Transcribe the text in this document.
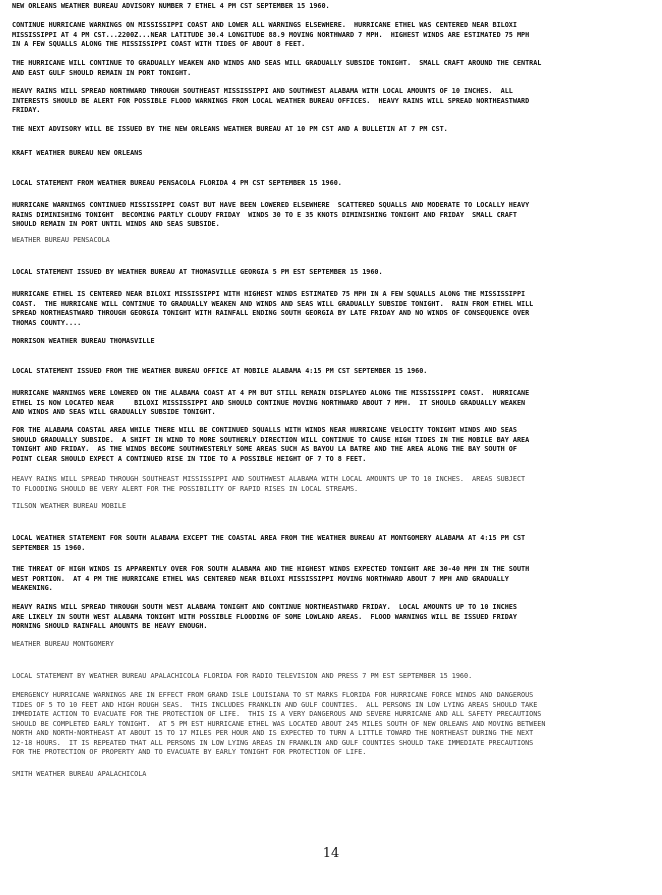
NEW ORLEANS WEATHER BUREAU ADVISORY NUMBER 7 ETHEL 4 PM CST SEPTEMBER 15 1960.
CONTINUE HURRICANE WARNINGS ON MISSISSIPPI COAST AND LOWER ALL WARNINGS ELSEWHERE.  HURRICANE ETHEL WAS CENTERED NEAR BILOXI
MISSISSIPPI AT 4 PM CST...2200Z...NEAR LATITUDE 30.4 LONGITUDE 88.9 MOVING NORTHWARD 7 MPH.  HIGHEST WINDS ARE ESTIMATED 75 MPH
IN A FEW SQUALLS ALONG THE MISSISSIPPI COAST WITH TIDES OF ABOUT 8 FEET.
THE HURRICANE WILL CONTINUE TO GRADUALLY WEAKEN AND WINDS AND SEAS WILL GRADUALLY SUBSIDE TONIGHT.  SMALL CRAFT AROUND THE CENTRAL
AND EAST GULF SHOULD REMAIN IN PORT TONIGHT.
HEAVY RAINS WILL SPREAD NORTHWARD THROUGH SOUTHEAST MISSISSIPPI AND SOUTHWEST ALABAMA WITH LOCAL AMOUNTS OF 10 INCHES.  ALL
INTERESTS SHOULD BE ALERT FOR POSSIBLE FLOOD WARNINGS FROM LOCAL WEATHER BUREAU OFFICES.  HEAVY RAINS WILL SPREAD NORTHEASTWARD
FRIDAY.
THE NEXT ADVISORY WILL BE ISSUED BY THE NEW ORLEANS WEATHER BUREAU AT 10 PM CST AND A BULLETIN AT 7 PM CST.
KRAFT WEATHER BUREAU NEW ORLEANS
LOCAL STATEMENT FROM WEATHER BUREAU PENSACOLA FLORIDA 4 PM CST SEPTEMBER 15 1960.
HURRICANE WARNINGS CONTINUED MISSISSIPPI COAST BUT HAVE BEEN LOWERED ELSEWHERE  SCATTERED SQUALLS AND MODERATE TO LOCALLY HEAVY
RAINS DIMINISHING TONIGHT  BECOMING PARTLY CLOUDY FRIDAY  WINDS 30 TO E 35 KNOTS DIMINISHING TONIGHT AND FRIDAY  SMALL CRAFT
SHOULD REMAIN IN PORT UNTIL WINDS AND SEAS SUBSIDE.
WEATHER BUREAU PENSACOLA
LOCAL STATEMENT ISSUED BY WEATHER BUREAU AT THOMASVILLE GEORGIA 5 PM EST SEPTEMBER 15 1960.
HURRICANE ETHEL IS CENTERED NEAR BILOXI MISSISSIPPI WITH HIGHEST WINDS ESTIMATED 75 MPH IN A FEW SQUALLS ALONG THE MISSISSIPPI
COAST.  THE HURRICANE WILL CONTINUE TO GRADUALLY WEAKEN AND WINDS AND SEAS WILL GRADUALLY SUBSIDE TONIGHT.  RAIN FROM ETHEL WILL
SPREAD NORTHEASTWARD THROUGH GEORGIA TONIGHT WITH RAINFALL ENDING SOUTH GEORGIA BY LATE FRIDAY AND NO WINDS OF CONSEQUENCE OVER
THOMAS COUNTY....
MORRISON WEATHER BUREAU THOMASVILLE
LOCAL STATEMENT ISSUED FROM THE WEATHER BUREAU OFFICE AT MOBILE ALABAMA 4:15 PM CST SEPTEMBER 15 1960.
HURRICANE WARNINGS WERE LOWERED ON THE ALABAMA COAST AT 4 PM BUT STILL REMAIN DISPLAYED ALONG THE MISSISSIPPI COAST.  HURRICANE
ETHEL IS NOW LOCATED NEAR     BILOXI MISSISSIPPI AND SHOULD CONTINUE MOVING NORTHWARD ABOUT 7 MPH.  IT SHOULD GRADUALLY WEAKEN
AND WINDS AND SEAS WILL GRADUALLY SUBSIDE TONIGHT.
FOR THE ALABAMA COASTAL AREA WHILE THERE WILL BE CONTINUED SQUALLS WITH WINDS NEAR HURRICANE VELOCITY TONIGHT WINDS AND SEAS
SHOULD GRADUALLY SUBSIDE.  A SHIFT IN WIND TO MORE SOUTHERLY DIRECTION WILL CONTINUE TO CAUSE HIGH TIDES IN THE MOBILE BAY AREA
TONIGHT AND FRIDAY.  AS THE WINDS BECOME SOUTHWESTERLY SOME AREAS SUCH AS BAYOU LA BATRE AND THE AREA ALONG THE BAY SOUTH OF
POINT CLEAR SHOULD EXPECT A CONTINUED RISE IN TIDE TO A POSSIBLE HEIGHT OF 7 TO 8 FEET.
HEAVY RAINS WILL SPREAD THROUGH SOUTHEAST MISSISSIPPI AND SOUTHWEST ALABAMA WITH LOCAL AMOUNTS UP TO 10 INCHES.  AREAS SUBJECT
TO FLOODING SHOULD BE VERY ALERT FOR THE POSSIBILITY OF RAPID RISES IN LOCAL STREAMS.
TILSON WEATHER BUREAU MOBILE
LOCAL WEATHER STATEMENT FOR SOUTH ALABAMA EXCEPT THE COASTAL AREA FROM THE WEATHER BUREAU AT MONTGOMERY ALABAMA AT 4:15 PM CST
SEPTEMBER 15 1960.
THE THREAT OF HIGH WINDS IS APPARENTLY OVER FOR SOUTH ALABAMA AND THE HIGHEST WINDS EXPECTED TONIGHT ARE 30-40 MPH IN THE SOUTH
WEST PORTION.  AT 4 PM THE HURRICANE ETHEL WAS CENTERED NEAR BILOXI MISSISSIPPI MOVING NORTHWARD ABOUT 7 MPH AND GRADUALLY
WEAKENING.
HEAVY RAINS WILL SPREAD THROUGH SOUTH WEST ALABAMA TONIGHT AND CONTINUE NORTHEASTWARD FRIDAY.  LOCAL AMOUNTS UP TO 10 INCHES
ARE LIKELY IN SOUTH WEST ALABAMA TONIGHT WITH POSSIBLE FLOODING OF SOME LOWLAND AREAS.  FLOOD WARNINGS WILL BE ISSUED FRIDAY
MORNING SHOULD RAINFALL AMOUNTS BE HEAVY ENOUGH.
WEATHER BUREAU MONTGOMERY
LOCAL STATEMENT BY WEATHER BUREAU APALACHICOLA FLORIDA FOR RADIO TELEVISION AND PRESS 7 PM EST SEPTEMBER 15 1960.
EMERGENCY HURRICANE WARNINGS ARE IN EFFECT FROM GRAND ISLE LOUISIANA TO ST MARKS FLORIDA FOR HURRICANE FORCE WINDS AND DANGEROUS
TIDES OF 5 TO 10 FEET AND HIGH ROUGH SEAS.  THIS INCLUDES FRANKLIN AND GULF COUNTIES.  ALL PERSONS IN LOW LYING AREAS SHOULD TAKE
IMMEDIATE ACTION TO EVACUATE FOR THE PROTECTION OF LIFE.  THIS IS A VERY DANGEROUS AND SEVERE HURRICANE AND ALL SAFETY PRECAUTIONS
SHOULD BE COMPLETED EARLY TONIGHT.  AT 5 PM EST HURRICANE ETHEL WAS LOCATED ABOUT 245 MILES SOUTH OF NEW ORLEANS AND MOVING BETWEEN
NORTH AND NORTH-NORTHEAST AT ABOUT 15 TO 17 MILES PER HOUR AND IS EXPECTED TO TURN A LITTLE TOWARD THE NORTHEAST DURING THE NEXT
12-18 HOURS.  IT IS REPEATED THAT ALL PERSONS IN LOW LYING AREAS IN FRANKLIN AND GULF COUNTIES SHOULD TAKE IMMEDIATE PRECAUTIONS
FOR THE PROTECTION OF PROPERTY AND TO EVACUATE BY EARLY TONIGHT FOR PROTECTION OF LIFE.
SMITH WEATHER BUREAU APALACHICOLA
14
